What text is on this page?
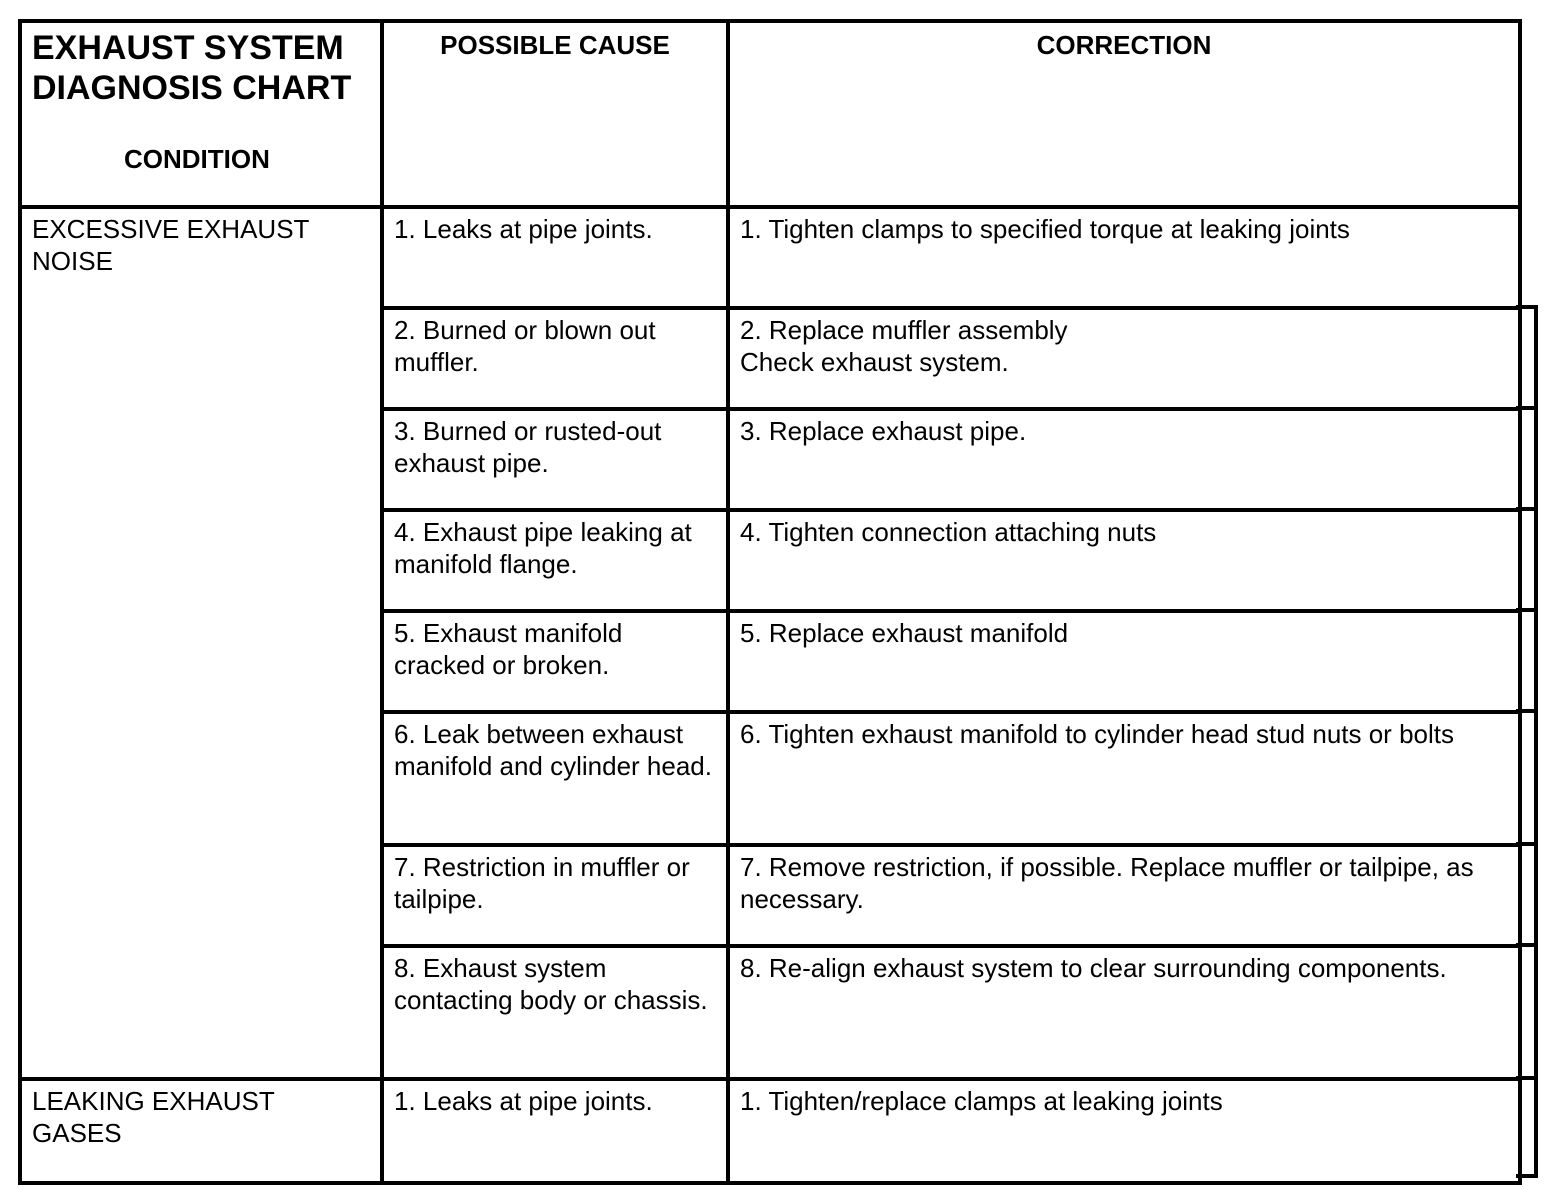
EXHAUST SYSTEM
DIAGNOSIS CHART
CONDITION	POSSIBLE CAUSE	CORRECTION

EXCESSIVE EXHAUST
NOISE	1. Leaks at pipe joints.	1. Tighten clamps to specified torque at leaking joints

	2. Burned or blown out muffler.	2. Replace muffler assembly
Check exhaust system.

	3. Burned or rusted-out exhaust pipe.	3. Replace exhaust pipe.

	4. Exhaust pipe leaking at manifold flange.	4. Tighten connection attaching nuts

	5. Exhaust manifold cracked or broken.	5. Replace exhaust manifold

	6. Leak between exhaust manifold and cylinder head.	6. Tighten exhaust manifold to cylinder head stud nuts or bolts

	7. Restriction in muffler or tailpipe.	7. Remove restriction, if possible. Replace muffler or tailpipe, as necessary.

	8. Exhaust system contacting body or chassis.	8. Re-align exhaust system to clear surrounding components.

LEAKING EXHAUST
GASES	1. Leaks at pipe joints.	1. Tighten/replace clamps at leaking joints
